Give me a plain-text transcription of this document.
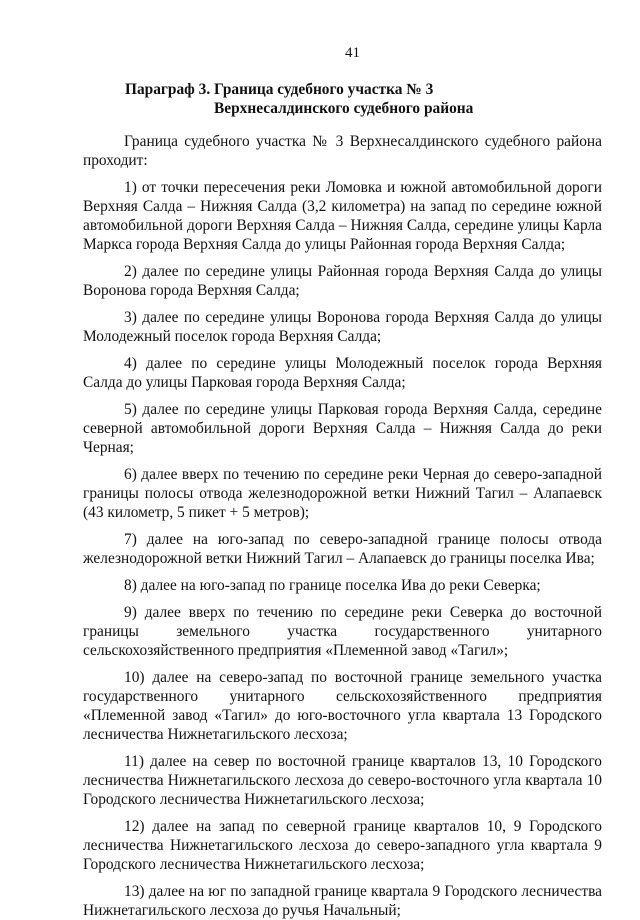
41
Параграф 3. Граница судебного участка № 3
Верхнесалдинского судебного района

Граница судебного участка № 3 Верхнесалдинского судебного района проходит:

1) от точки пересечения реки Ломовка и южной автомобильной дороги Верхняя Салда – Нижняя Салда (3,2 километра) на запад по середине южной автомобильной дороги Верхняя Салда – Нижняя Салда, середине улицы Карла Маркса города Верхняя Салда до улицы Районная города Верхняя Салда;

2) далее по середине улицы Районная города Верхняя Салда до улицы Воронова города Верхняя Салда;

3) далее по середине улицы Воронова города Верхняя Салда до улицы Молодежный поселок города Верхняя Салда;

4) далее по середине улицы Молодежный поселок города Верхняя Салда до улицы Парковая города Верхняя Салда;

5) далее по середине улицы Парковая города Верхняя Салда, середине северной автомобильной дороги Верхняя Салда – Нижняя Салда до реки Черная;

6) далее вверх по течению по середине реки Черная до северо-западной границы полосы отвода железнодорожной ветки Нижний Тагил – Алапаевск (43 километр, 5 пикет + 5 метров);

7) далее на юго-запад по северо-западной границе полосы отвода железнодорожной ветки Нижний Тагил – Алапаевск до границы поселка Ива;

8) далее на юго-запад по границе поселка Ива до реки Северка;

9) далее вверх по течению по середине реки Северка до восточной границы земельного участка государственного унитарного сельскохозяйственного предприятия «Племенной завод «Тагил»;

10) далее на северо-запад по восточной границе земельного участка государственного унитарного сельскохозяйственного предприятия «Племенной завод «Тагил» до юго-восточного угла квартала 13 Городского лесничества Нижнетагильского лесхоза;

11) далее на север по восточной границе кварталов 13, 10 Городского лесничества Нижнетагильского лесхоза до северо-восточного угла квартала 10 Городского лесничества Нижнетагильского лесхоза;

12) далее на запад по северной границе кварталов 10, 9 Городского лесничества Нижнетагильского лесхоза до северо-западного угла квартала 9 Городского лесничества Нижнетагильского лесхоза;

13) далее на юг по западной границе квартала 9 Городского лесничества Нижнетагильского лесхоза до ручья Начальный;
